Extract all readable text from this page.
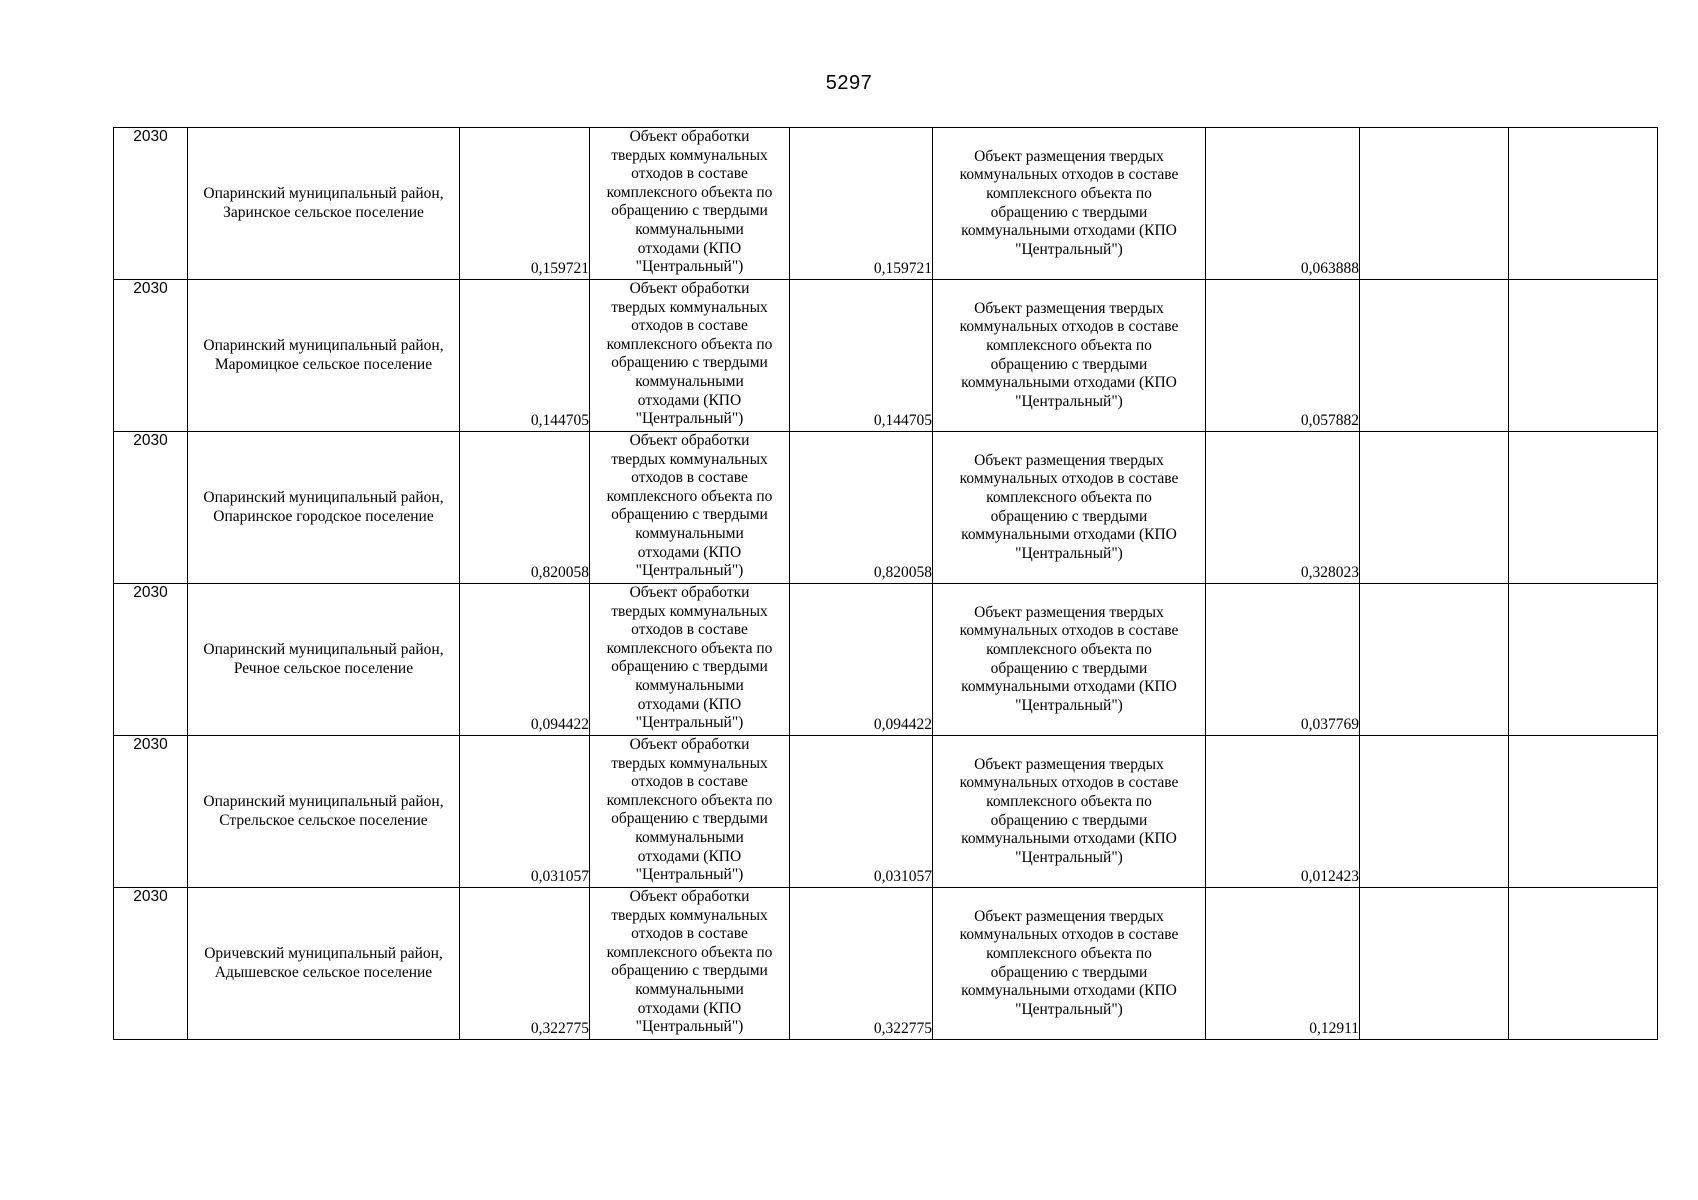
5297
2030	Опаринский муниципальный район, Заринское сельское поселение	0,159721	Объект обработки твердых коммунальных отходов в составе комплексного объекта по обращению с твердыми коммунальными отходами (КПО "Центральный")	0,159721	Объект размещения твердых коммунальных отходов в составе комплексного объекта по обращению с твердыми коммунальными отходами (КПО "Центральный")	0,063888		
2030	Опаринский муниципальный район, Маромицкое сельское поселение	0,144705	Объект обработки твердых коммунальных отходов в составе комплексного объекта по обращению с твердыми коммунальными отходами (КПО "Центральный")	0,144705	Объект размещения твердых коммунальных отходов в составе комплексного объекта по обращению с твердыми коммунальными отходами (КПО "Центральный")	0,057882		
2030	Опаринский муниципальный район, Опаринское городское поселение	0,820058	Объект обработки твердых коммунальных отходов в составе комплексного объекта по обращению с твердыми коммунальными отходами (КПО "Центральный")	0,820058	Объект размещения твердых коммунальных отходов в составе комплексного объекта по обращению с твердыми коммунальными отходами (КПО "Центральный")	0,328023		
2030	Опаринский муниципальный район, Речное сельское поселение	0,094422	Объект обработки твердых коммунальных отходов в составе комплексного объекта по обращению с твердыми коммунальными отходами (КПО "Центральный")	0,094422	Объект размещения твердых коммунальных отходов в составе комплексного объекта по обращению с твердыми коммунальными отходами (КПО "Центральный")	0,037769		
2030	Опаринский муниципальный район, Стрельское сельское поселение	0,031057	Объект обработки твердых коммунальных отходов в составе комплексного объекта по обращению с твердыми коммунальными отходами (КПО "Центральный")	0,031057	Объект размещения твердых коммунальных отходов в составе комплексного объекта по обращению с твердыми коммунальными отходами (КПО "Центральный")	0,012423		
2030	Оричевский муниципальный район, Адышевское сельское поселение	0,322775	Объект обработки твердых коммунальных отходов в составе комплексного объекта по обращению с твердыми коммунальными отходами (КПО "Центральный")	0,322775	Объект размещения твердых коммунальных отходов в составе комплексного объекта по обращению с твердыми коммунальными отходами (КПО "Центральный")	0,12911		
